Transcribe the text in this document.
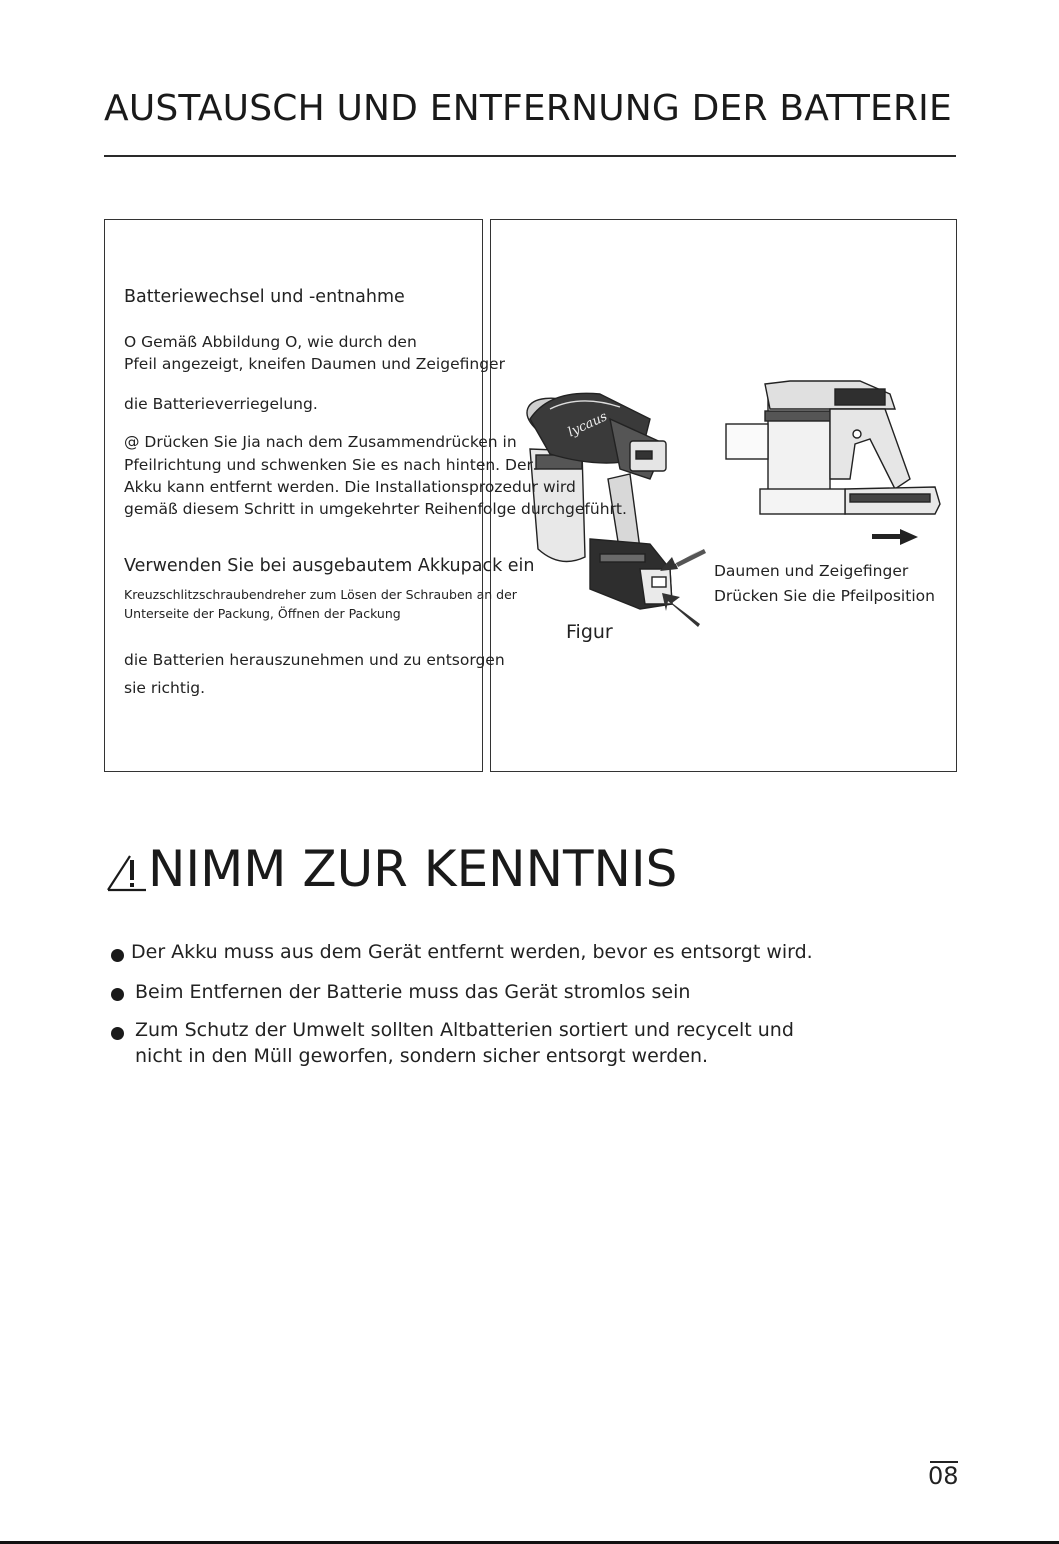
AUSTAUSCH UND ENTFERNUNG DER BATTERIE
lycaus
Batteriewechsel und -entnahme
O Gemäß Abbildung O, wie durch den
Pfeil angezeigt, kneifen Daumen und Zeigefinger
die Batterieverriegelung.
@ Drücken Sie Jia nach dem Zusammendrücken in
Pfeilrichtung und schwenken Sie es nach hinten. Der
Akku kann entfernt werden. Die Installationsprozedur wird
gemäß diesem Schritt in umgekehrter Reihenfolge durchgeführt.
Verwenden Sie bei ausgebautem Akkupack ein
Kreuzschlitzschraubendreher zum Lösen der Schrauben an der
Unterseite der Packung, Öffnen der Packung
die Batterien herauszunehmen und zu entsorgen
sie richtig.
Figur
Daumen und Zeigefinger
Drücken Sie die Pfeilposition
NIMM ZUR KENNTNIS
Der Akku muss aus dem Gerät entfernt werden, bevor es entsorgt wird.
Beim Entfernen der Batterie muss das Gerät stromlos sein
Zum Schutz der Umwelt sollten Altbatterien sortiert und recycelt und
nicht in den Müll geworfen, sondern sicher entsorgt werden.
08
